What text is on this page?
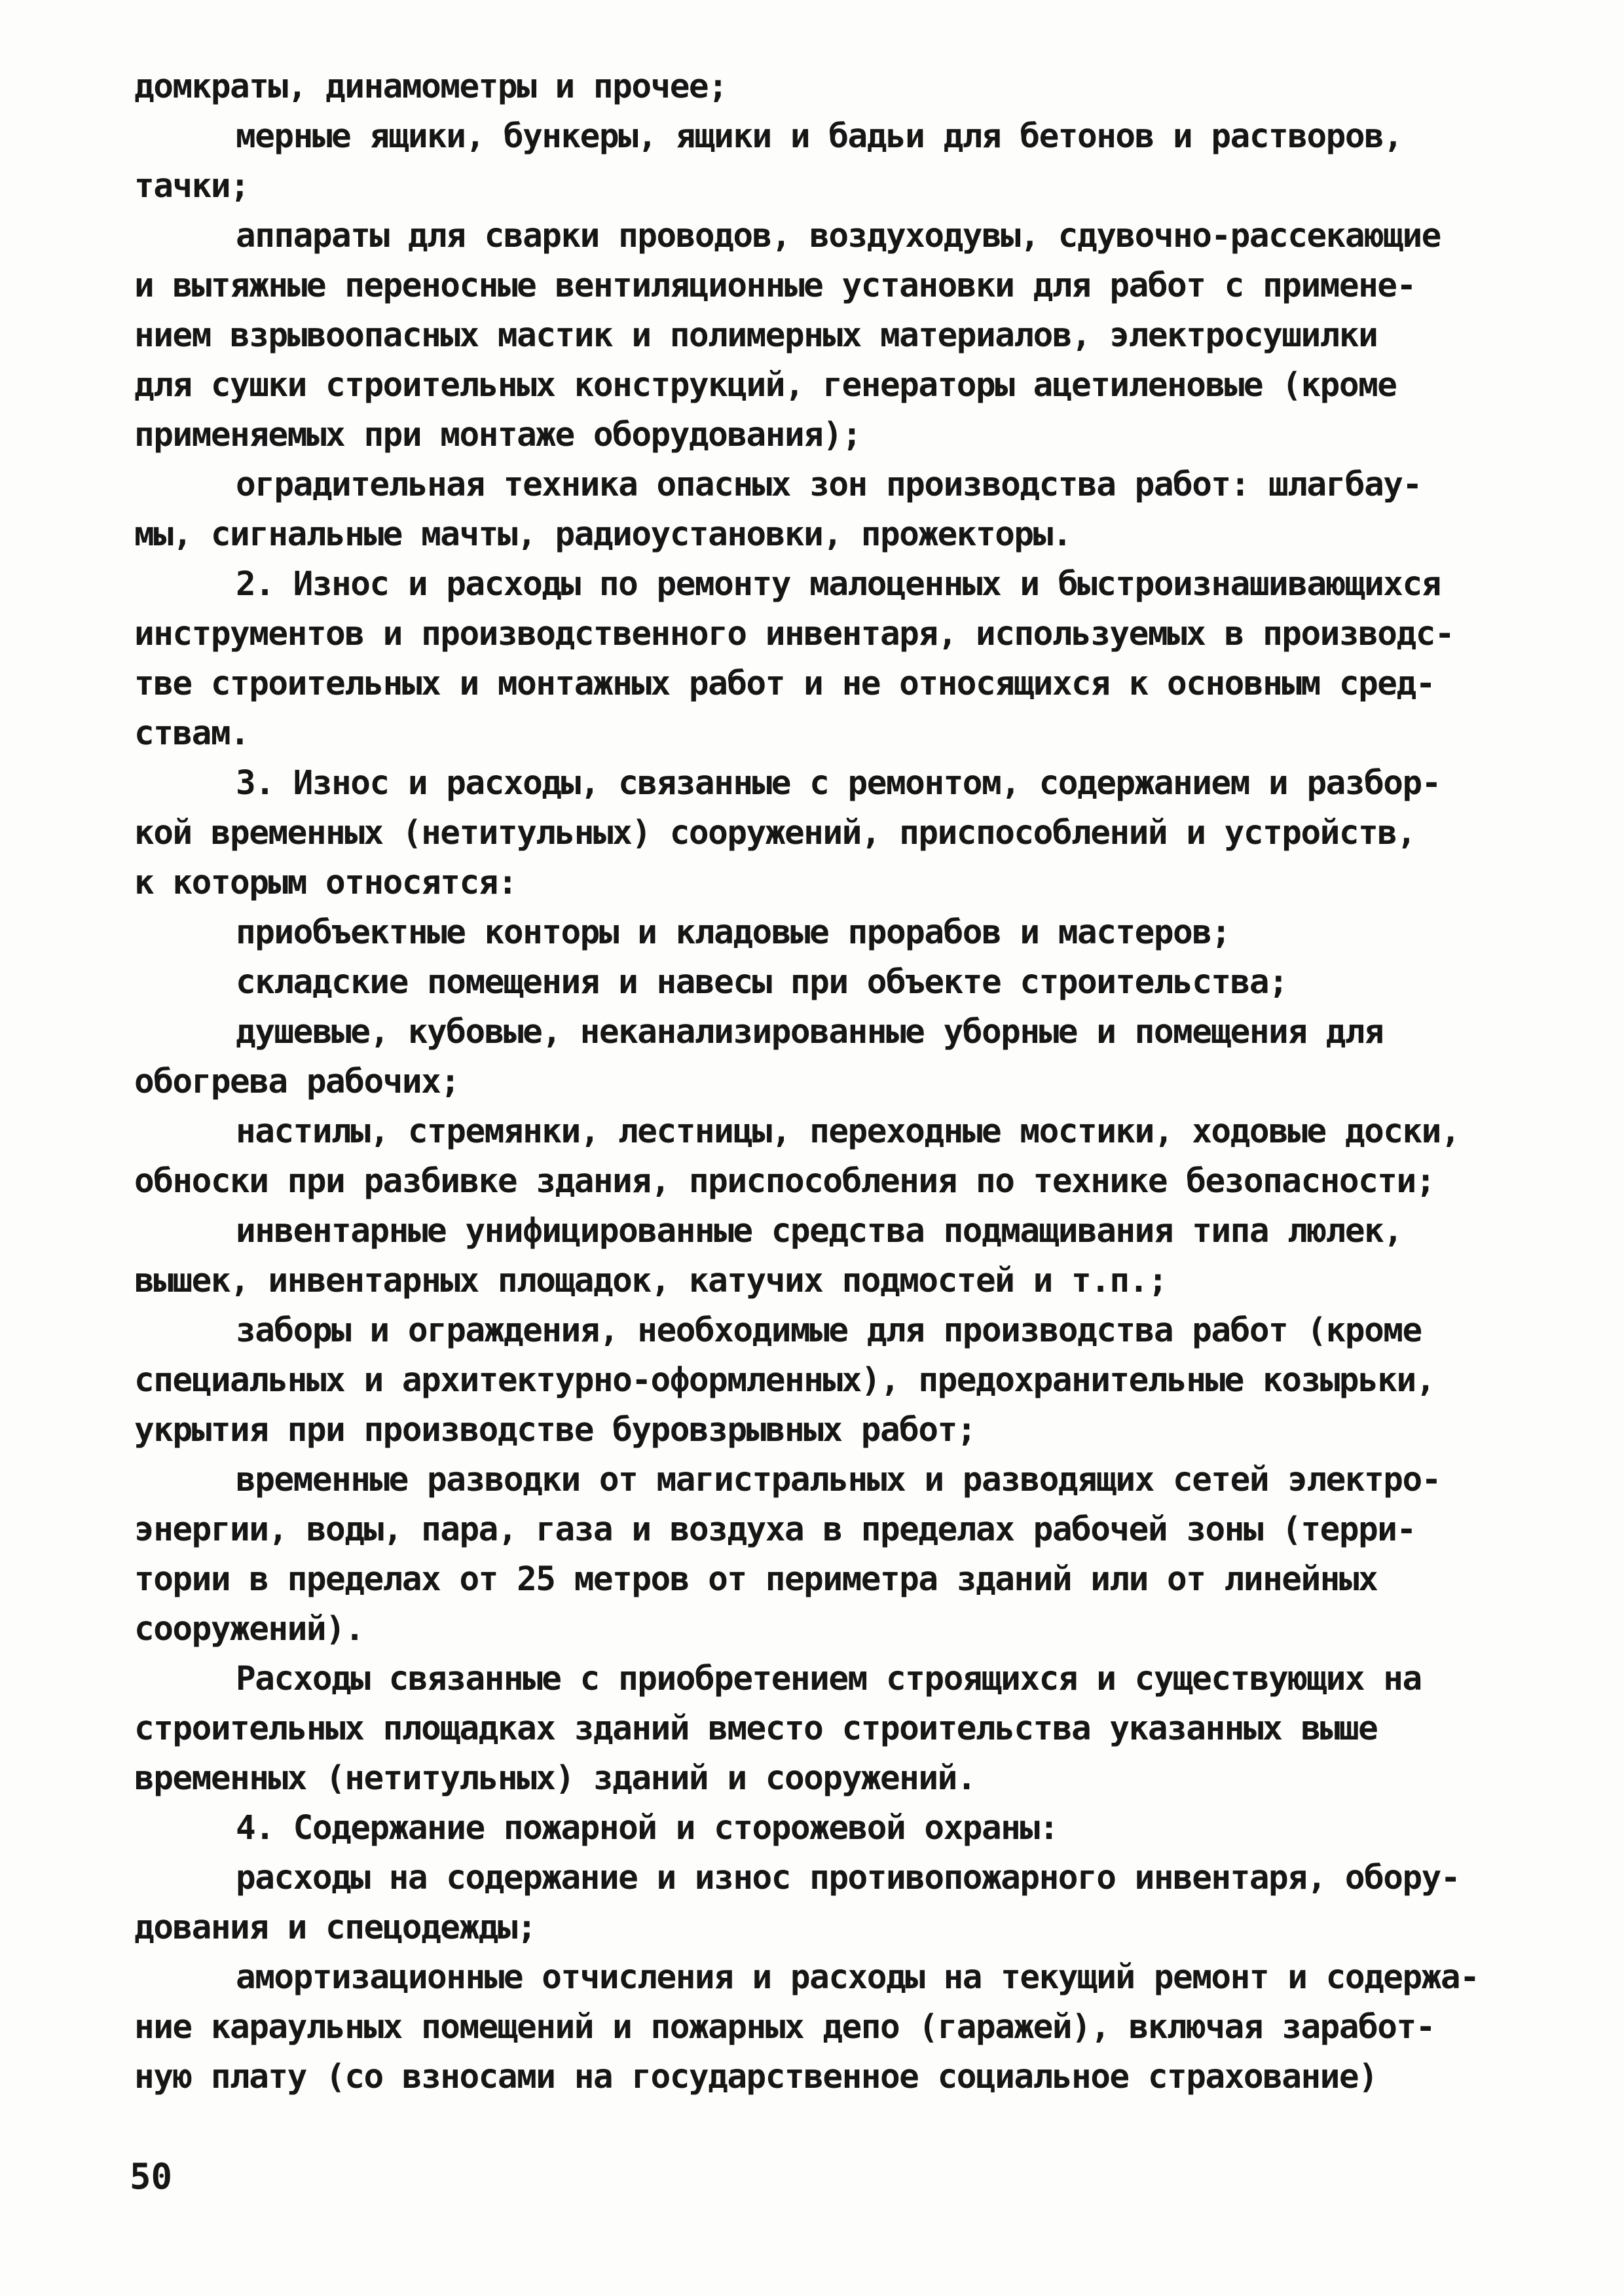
домкраты, динамометры и прочее;
мерные ящики, бункеры, ящики и бадьи для бетонов и растворов,
тачки;
аппараты для сварки проводов, воздуходувы, сдувочно-рассекающие
и вытяжные переносные вентиляционные установки для работ с примене-
нием взрывоопасных мастик и полимерных материалов, электросушилки
для сушки строительных конструкций, генераторы ацетиленовые (кроме
применяемых при монтаже оборудования);
оградительная техника опасных зон производства работ: шлагбау-
мы, сигнальные мачты, радиоустановки, прожекторы.
2. Износ и расходы по ремонту малоценных и быстроизнашивающихся
инструментов и производственного инвентаря, используемых в производс-
тве строительных и монтажных работ и не относящихся к основным сред-
ствам.
3. Износ и расходы, связанные с ремонтом, содержанием и разбор-
кой временных (нетитульных) сооружений, приспособлений и устройств,
к которым относятся:
приобъектные конторы и кладовые прорабов и мастеров;
складские помещения и навесы при объекте строительства;
душевые, кубовые, неканализированные уборные и помещения для
обогрева рабочих;
настилы, стремянки, лестницы, переходные мостики, ходовые доски,
обноски при разбивке здания, приспособления по технике безопасности;
инвентарные унифицированные средства подмащивания типа люлек,
вышек, инвентарных площадок, катучих подмостей и т.п.;
заборы и ограждения, необходимые для производства работ (кроме
специальных и архитектурно-оформленных), предохранительные козырьки,
укрытия при производстве буровзрывных работ;
временные разводки от магистральных и разводящих сетей электро-
энергии, воды, пара, газа и воздуха в пределах рабочей зоны (терри-
тории в пределах от 25 метров от периметра зданий или от линейных
сооружений).
Расходы связанные с приобретением строящихся и существующих на
строительных площадках зданий вместо строительства указанных выше
временных (нетитульных) зданий и сооружений.
4. Содержание пожарной и сторожевой охраны:
расходы на содержание и износ противопожарного инвентаря, обору-
дования и спецодежды;
амортизационные отчисления и расходы на текущий ремонт и содержа-
ние караульных помещений и пожарных депо (гаражей), включая заработ-
ную плату (со взносами на государственное социальное страхование)
50
